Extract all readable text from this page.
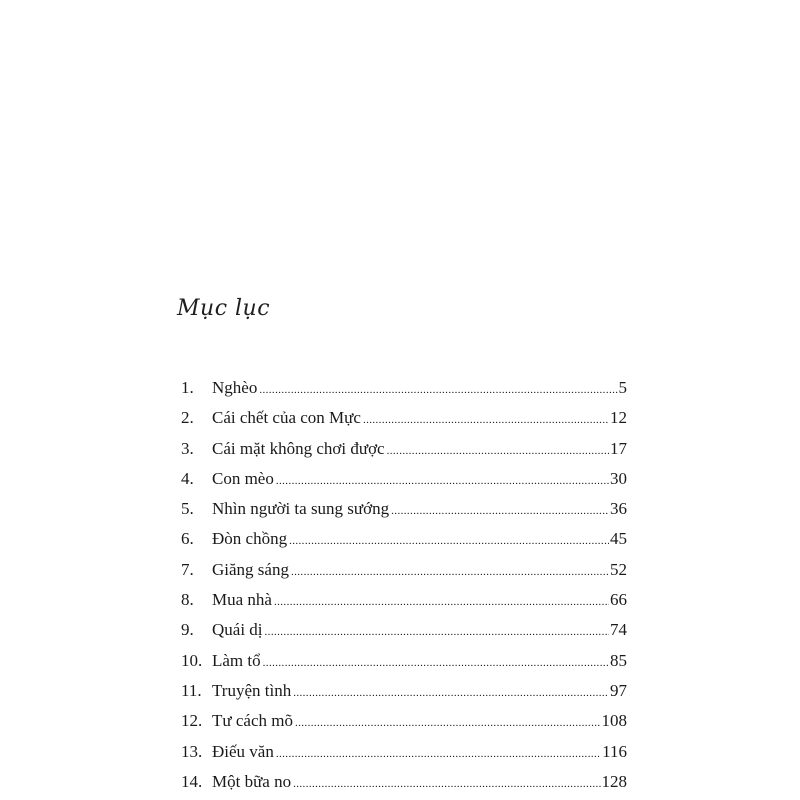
Mục lục
1.	Nghèo .....	5
2.	Cái chết của con Mực .....	12
3.	Cái mặt không chơi được .....	17
4.	Con mèo .....	30
5.	Nhìn người ta sung sướng .....	36
6.	Đòn chồng .....	45
7.	Giăng sáng .....	52
8.	Mua nhà .....	66
9.	Quái dị .....	74
10. Làm tổ .....	85
11. Truyện tình .....	97
12. Tư cách mõ .....	108
13. Điếu văn .....	116
14. Một bữa no .....	128
